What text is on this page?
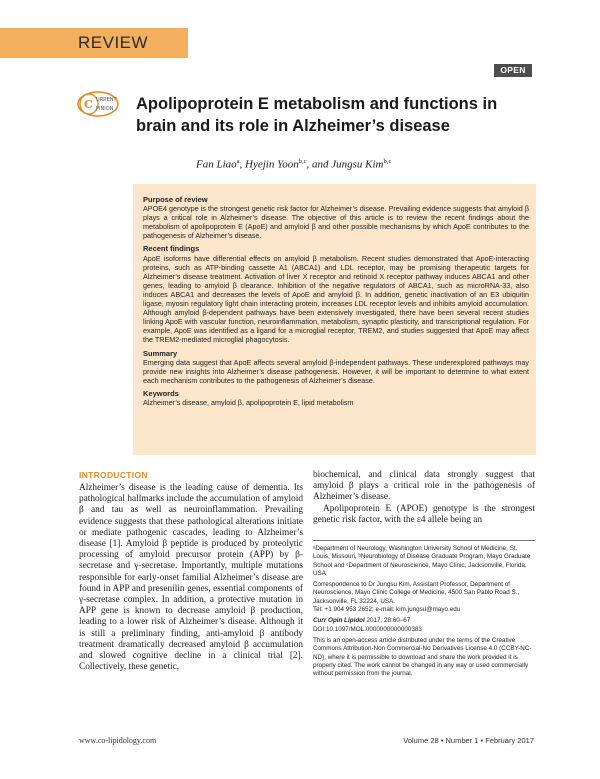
REVIEW
OPEN
C URRENT
PINION Apolipoprotein E metabolism and functions in brain and its role in Alzheimer’s disease
Fan Liao$^a$, Hyejin Yoon$^{b,c}$, and Jungsu Kim$^{b,c}$

Purpose of review

APOE4 genotype is the strongest genetic risk factor for Alzheimer’s disease. Prevailing evidence suggests that amyloid β plays a critical role in Alzheimer’s disease. The objective of this article is to review the recent findings about the metabolism of apolipoprotein E (ApoE) and amyloid β and other possible mechanisms by which ApoE contributes to the pathogenesis of Alzheimer’s disease.

Recent findings

ApoE isoforms have differential effects on amyloid β metabolism. Recent studies demonstrated that ApoE-interacting proteins, such as ATP-binding cassette A1 (ABCA1) and LDL receptor, may be promising therapeutic targets for Alzheimer’s disease treatment. Activation of liver X receptor and retinoid X receptor pathway induces ABCA1 and other genes, leading to amyloid β clearance. Inhibition of the negative regulators of ABCA1, such as microRNA-33, also induces ABCA1 and decreases the levels of ApoE and amyloid β. In addition, genetic inactivation of an E3 ubiquitin ligase, myosin regulatory light chain interacting protein, increases LDL receptor levels and inhibits amyloid accumulation. Although amyloid β-dependent pathways have been extensively investigated, there have been several recent studies linking ApoE with vascular function, neuroinflammation, metabolism, synaptic plasticity, and transcriptional regulation. For example, ApoE was identified as a ligand for a microglial receptor, TREM2, and studies suggested that ApoE may affect the TREM2-mediated microglial phagocytosis.

Summary

Emerging data suggest that ApoE affects several amyloid β-independent pathways. These underexplored pathways may provide new insights into Alzheimer’s disease pathogenesis. However, it will be important to determine to what extent each mechanism contributes to the pathogenesis of Alzheimer’s disease.

Keywords

Alzheimer’s disease, amyloid β, apolipoprotein E, lipid metabolism

INTRODUCTION

Alzheimer’s disease is the leading cause of dementia. Its pathological hallmarks include the accumulation of amyloid β and tau as well as neuroinflammation. Prevailing evidence suggests that these pathological alterations initiate or mediate pathogenic cascades, leading to Alzheimer’s disease [1]. Amyloid β peptide is produced by proteolytic processing of amyloid precursor protein (APP) by β-secretase and γ-secretase. Importantly, multiple mutations responsible for early-onset familial Alzheimer’s disease are found in APP and presenilin genes, essential components of γ-secretase complex. In addition, a protective mutation in APP gene is known to decrease amyloid β production, leading to a lower risk of Alzheimer’s disease. Although it is still a preliminary finding, anti-amyloid β antibody treatment dramatically decreased amyloid β accumulation and slowed cognitive decline in a clinical trial [2]. Collectively, these genetic,

biochemical, and clinical data strongly suggest that amyloid β plays a critical role in the pathogenesis of Alzheimer’s disease.

Apolipoprotein E (APOE) genotype is the strongest genetic risk factor, with the ε4 allele being an

ᵃDepartment of Neurology, Washington University School of Medicine, St. Louis, Missouri, ᵇNeurobiology of Disease Graduate Program, Mayo Graduate School and ᶜDepartment of Neuroscience, Mayo Clinic, Jacksonville, Florida, USA

Correspondence to Dr Jungsu Kim, Assistant Professor, Department of Neuroscience, Mayo Clinic College of Medicine, 4500 San Pablo Road S., Jacksonville, FL 32224, USA.
Tel: +1 904 953 2652; e-mail: kim.jungsu@mayo.edu

Curr Opin Lipidol 2017, 28:60–67
DOI:10.1097/MOL.0000000000000383

This is an open-access article distributed under the terms of the Creative Commons Attribution-Non Commercial-No Derivatives License 4.0 (CCBY-NC-ND), where it is permissible to download and share the work provided it is properly cited. The work cannot be changed in any way or used commercially without permission from the journal.

www.co-lipidology.com	Volume 28 • Number 1 • February 2017
